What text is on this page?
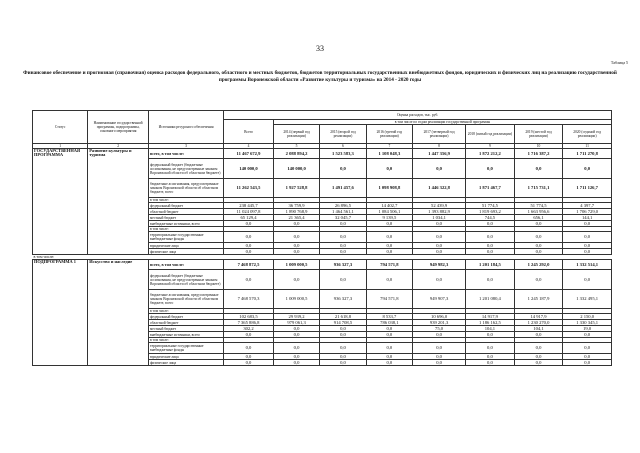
33
Таблица 5
Финансовое обеспечение и прогнозная (справочная) оценка расходов федерального, областного и местных бюджетов, бюджетов территориальных государственных внебюджетных фондов, юридических и физических лиц на реализацию государственной программы Воронежской области «Развитие культуры и туризма» на 2014 - 2020 годы
Статус	Наименование государственной программы, подпрограммы, основного мероприятия	Источники ресурсного обеспечения	Оценка расходов, тыс. руб.							
			Всего	в том числе по годам реализации государственной программы						
				2014 (первый год реализации)	2015 (второй год реализации)	2016 (третий год реализации)	2017 (четвертый год реализации)	2018 (пятый год реализации)	2019 (шестой год реализации)	2020 (седьмой год реализации)
1	2	3	4	5	6	7	8	9	10	11
ГОСУДАРСТВЕННАЯ ПРОГРАММА	Развитие культуры и туризма	всего, в том числе:	11 467 672,9	2 088 894,2	1 523 583,3	1 108 048,3	1 447 356,9	1 872 212,2	1 716 387,2	1 711 270,8
		федеральный бюджет (бюджетные ассигнования, не предусмотренные законом Воронежской области об областном бюджете)	140 000,0	140 000,0	0,0	0,0	0,0	0,0	0,0	0,0
		бюджетные ассигнования, предусмотренные законом Воронежской области об областном бюджете, всего	11 262 543,5	1 927 528,8	1 491 457,6	1 098 908,8	1 446 322,8	1 871 467,7	1 715 731,1	1 711 126,7
		в том числе:								
		федеральный бюджет	238 445,7	36 759,9	26 896,5	14 402,7	52 439,9	51 774,5	51 774,5	4 397,7
		областной бюджет	11 024 097,8	1 890 768,9	1 464 561,1	1 084 506,1	1 393 882,9	1 819 693,2	1 663 956,6	1 706 729,0
		местный бюджет	65 129,4	21 365,4	32 045,7	9 139,5	1 034,1	744,5	656,1	144,1
		внебюджетные источники, всего	0,0	0,0	0,0	0,0	0,0	0,0	0,0	0,0
		в том числе:								
		территориальные государственные внебюджетные фонды	0,0	0,0	0,0	0,0	0,0	0,0	0,0	0,0
		юридические лица	0,0	0,0	0,0	0,0	0,0	0,0	0,0	0,0
		физические лица	0,0	0,0	0,0	0,0	0,0	0,0	0,0	0,0
в том числе:										
ПОДПРОГРАММА 1	Искусство и наследие	всего, в том числе:	7 468 872,5	1 009 000,5	936 327,3	794 571,8	949 982,3	1 201 184,5	1 245 292,0	1 332 514,1
		федеральный бюджет (бюджетные ассигнования, не предусмотренные законом Воронежской области об областном бюджете)	0,0	0,0	0,0	0,0	0,0	0,0	0,0	0,0
		бюджетные ассигнования, предусмотренные законом Воронежской области об областном бюджете, всего	7 468 570,3	1 009 000,5	936 327,3	794 571,8	949 907,3	1 201 080,4	1 245 187,9	1 332 495,1
		в том числе:								
		федеральный бюджет	102 683,5	29 939,2	21 618,8	8 533,7	10 696,0	14 917,9	14 917,9	2 150,0
		областной бюджет	7 365 886,8	979 061,3	914 708,5	786 038,1	939 201,3	1 186 162,5	1 230 270,0	1 330 345,1
		местный бюджет	302,2	0,0	0,0	0,0	75,0	104,1	104,1	19,0
		внебюджетные источники, всего	0,0	0,0	0,0	0,0	0,0	0,0	0,0	0,0
		в том числе:								
		территориальные государственные внебюджетные фонды	0,0	0,0	0,0	0,0	0,0	0,0	0,0	0,0
		юридические лица	0,0	0,0	0,0	0,0	0,0	0,0	0,0	0,0
		физические лица	0,0	0,0	0,0	0,0	0,0	0,0	0,0	0,0
